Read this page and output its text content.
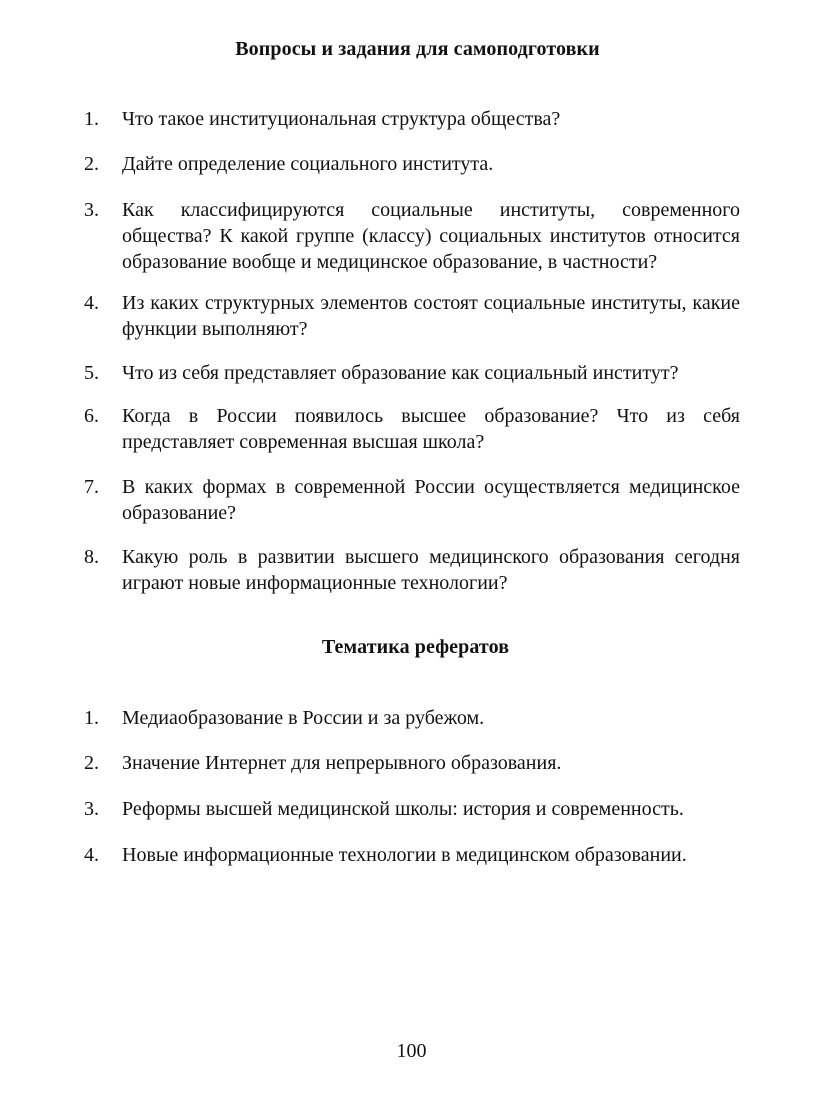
Вопросы и задания для самоподготовки
1.	Что такое институциональная структура общества?
2.	Дайте определение социального института.
3.	Как классифицируются социальные институты, современного общества? К какой группе (классу) социальных институтов относится образование вообще и медицинское образование, в частности?
4.	Из каких структурных элементов состоят социальные институты, какие функции выполняют?
5.	Что из себя представляет образование как социальный институт?
6.	Когда в России появилось высшее образование? Что из себя представляет современная высшая школа?
7.	В каких формах в современной России осуществляется медицинское образование?
8.	Какую роль в развитии высшего медицинского образования сегодня играют новые информационные технологии?
Тематика рефератов
1.	Медиаобразование в России и за рубежом.
2.	Значение Интернет для непрерывного образования.
3.	Реформы высшей медицинской школы: история и современность.
4.	Новые информационные технологии в медицинском образовании.
100
